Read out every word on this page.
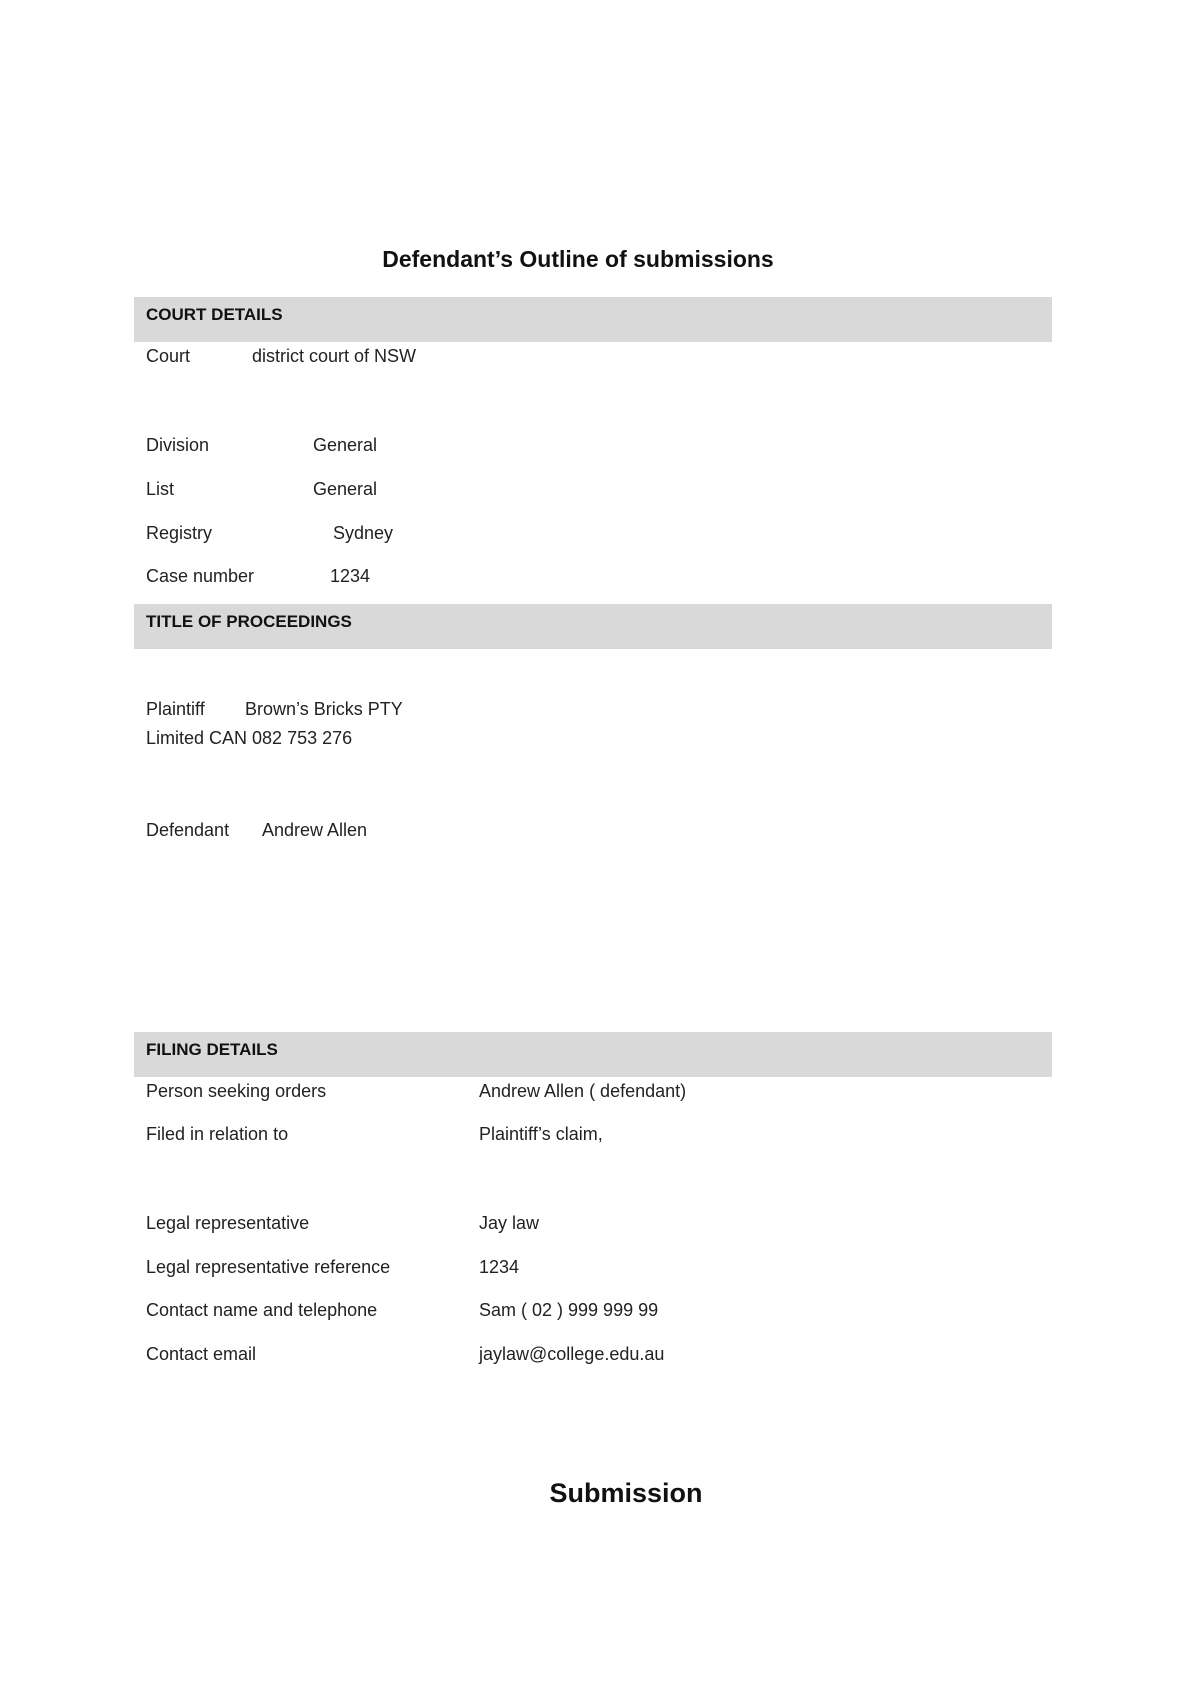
Defendant’s Outline of submissions
COURT DETAILS
Court	district court of NSW
Division	General
List	General
Registry	Sydney
Case number	1234
TITLE OF PROCEEDINGS
Plaintiff Brown’s Bricks PTY
Limited CAN 082 753 276
Defendant Andrew Allen
FILING DETAILS
Person seeking orders	Andrew Allen ( defendant)
Filed in relation to	Plaintiff’s claim,
Legal representative	Jay law
Legal representative reference	1234
Contact name and telephone	Sam ( 02 ) 999 999 99
Contact email	jaylaw@college.edu.au
Submission
